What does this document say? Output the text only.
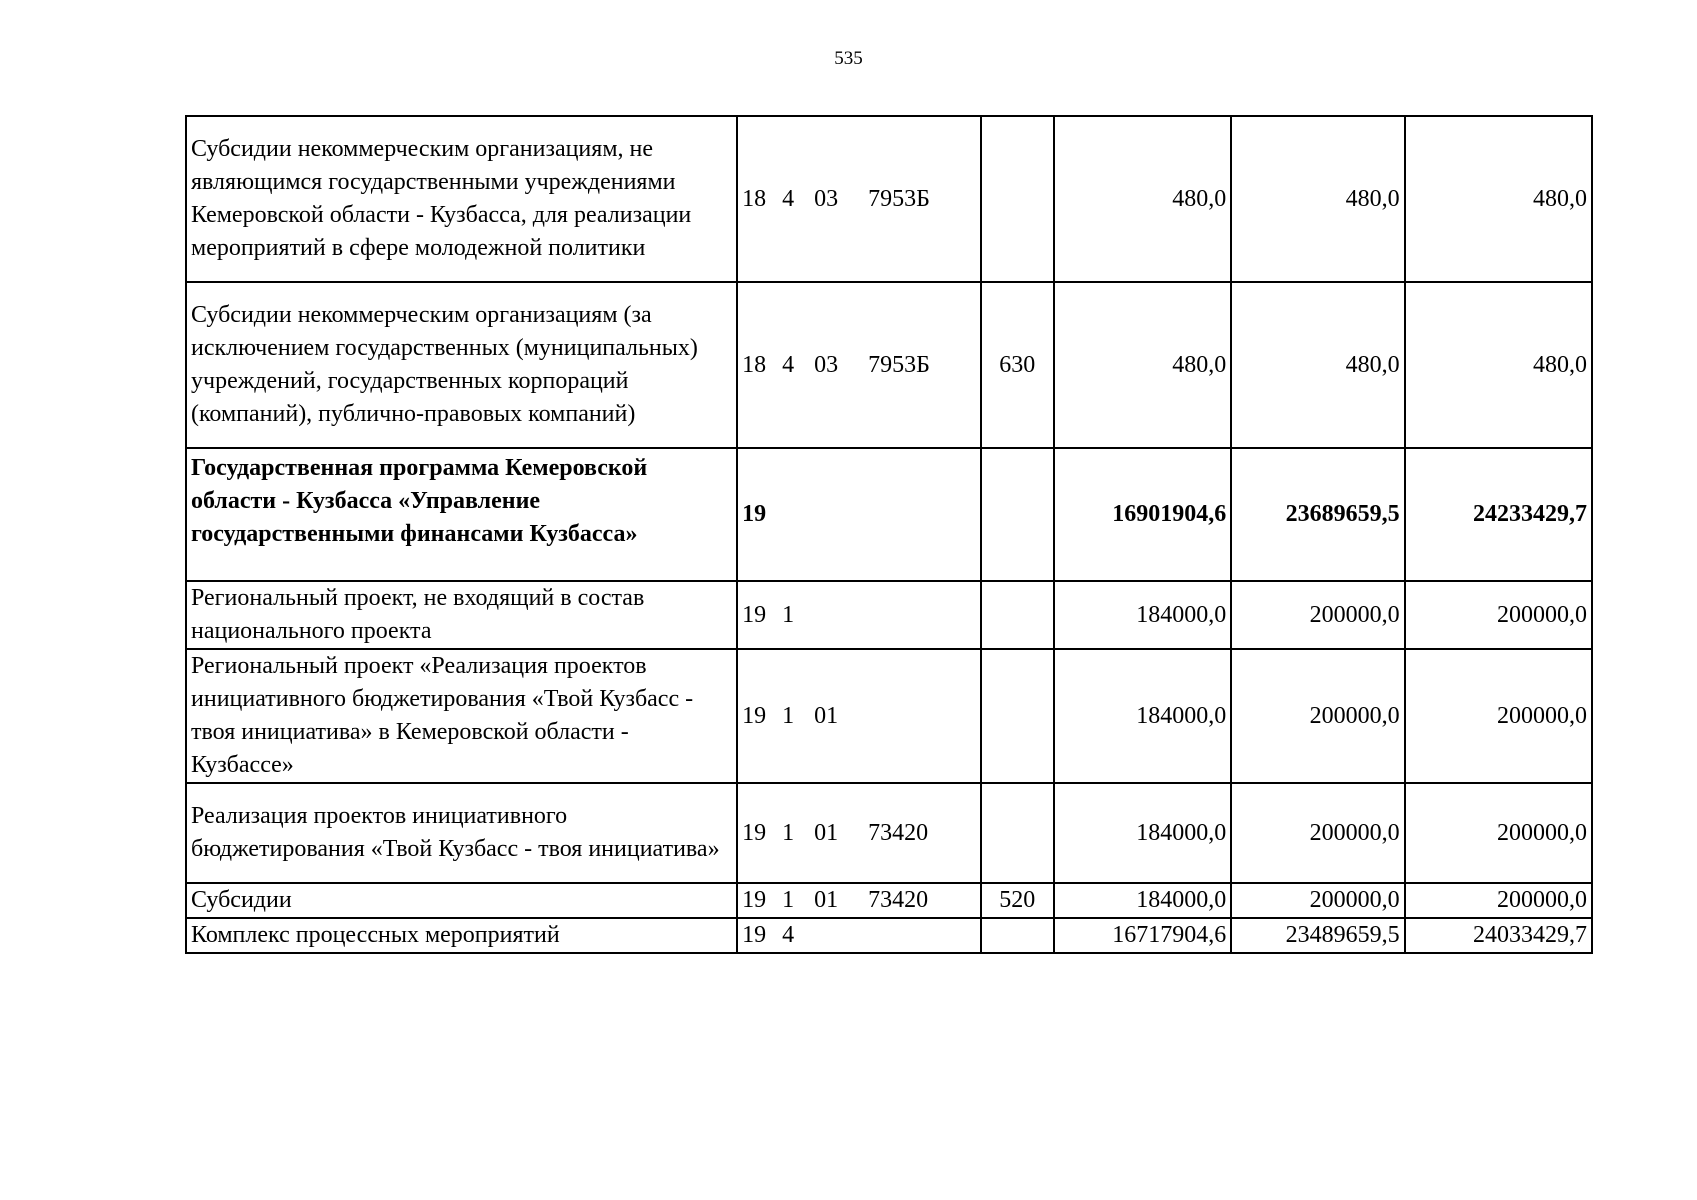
535
Субсидии некоммерческим организациям, не являющимся государственными учреждениями Кемеровской области - Кузбасса, для реализации мероприятий в сфере молодежной политики	18 4 03 7953Б		480,0	480,0	480,0
Субсидии некоммерческим организациям (за исключением государственных (муниципальных) учреждений, государственных корпораций (компаний), публично-правовых компаний)	18 4 03 7953Б	630	480,0	480,0	480,0
Государственная программа Кемеровской области - Кузбасса «Управление государственными финансами Кузбасса»	19		16901904,6	23689659,5	24233429,7
Региональный проект, не входящий в состав национального проекта	19 1		184000,0	200000,0	200000,0
Региональный проект «Реализация проектов инициативного бюджетирования «Твой Кузбасс - твоя инициатива» в Кемеровской области - Кузбассе»	19 1 01		184000,0	200000,0	200000,0
Реализация проектов инициативного бюджетирования «Твой Кузбасс - твоя инициатива»	19 1 01 73420		184000,0	200000,0	200000,0
Субсидии	19 1 01 73420	520	184000,0	200000,0	200000,0
Комплекс процессных мероприятий	19 4		16717904,6	23489659,5	24033429,7
